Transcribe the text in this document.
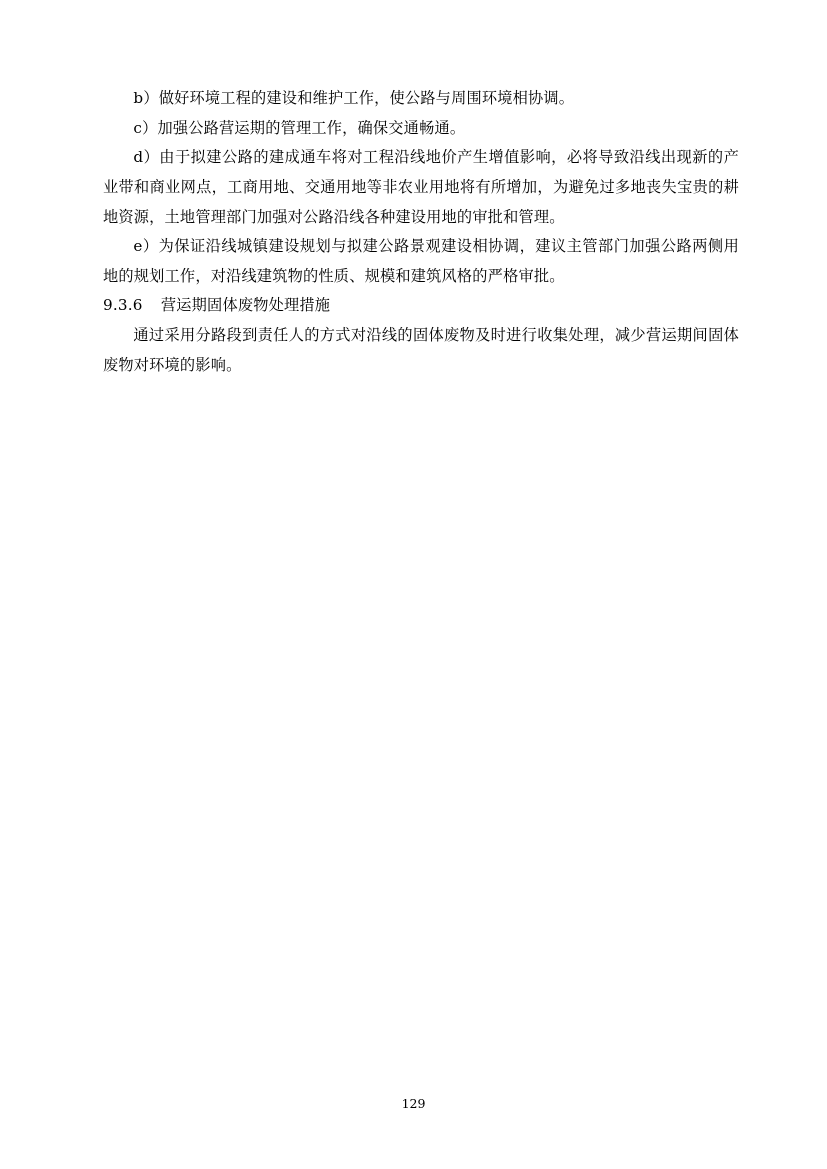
b）做好环境工程的建设和维护工作，使公路与周围环境相协调。

c）加强公路营运期的管理工作，确保交通畅通。

d）由于拟建公路的建成通车将对工程沿线地价产生增值影响，必将导致沿线出现新的产业带和商业网点，工商用地、交通用地等非农业用地将有所增加，为避免过多地丧失宝贵的耕地资源，土地管理部门加强对公路沿线各种建设用地的审批和管理。

e）为保证沿线城镇建设规划与拟建公路景观建设相协调，建议主管部门加强公路两侧用地的规划工作，对沿线建筑物的性质、规模和建筑风格的严格审批。

9.3.6 营运期固体废物处理措施

通过采用分路段到责任人的方式对沿线的固体废物及时进行收集处理，减少营运期间固体废物对环境的影响。

129
